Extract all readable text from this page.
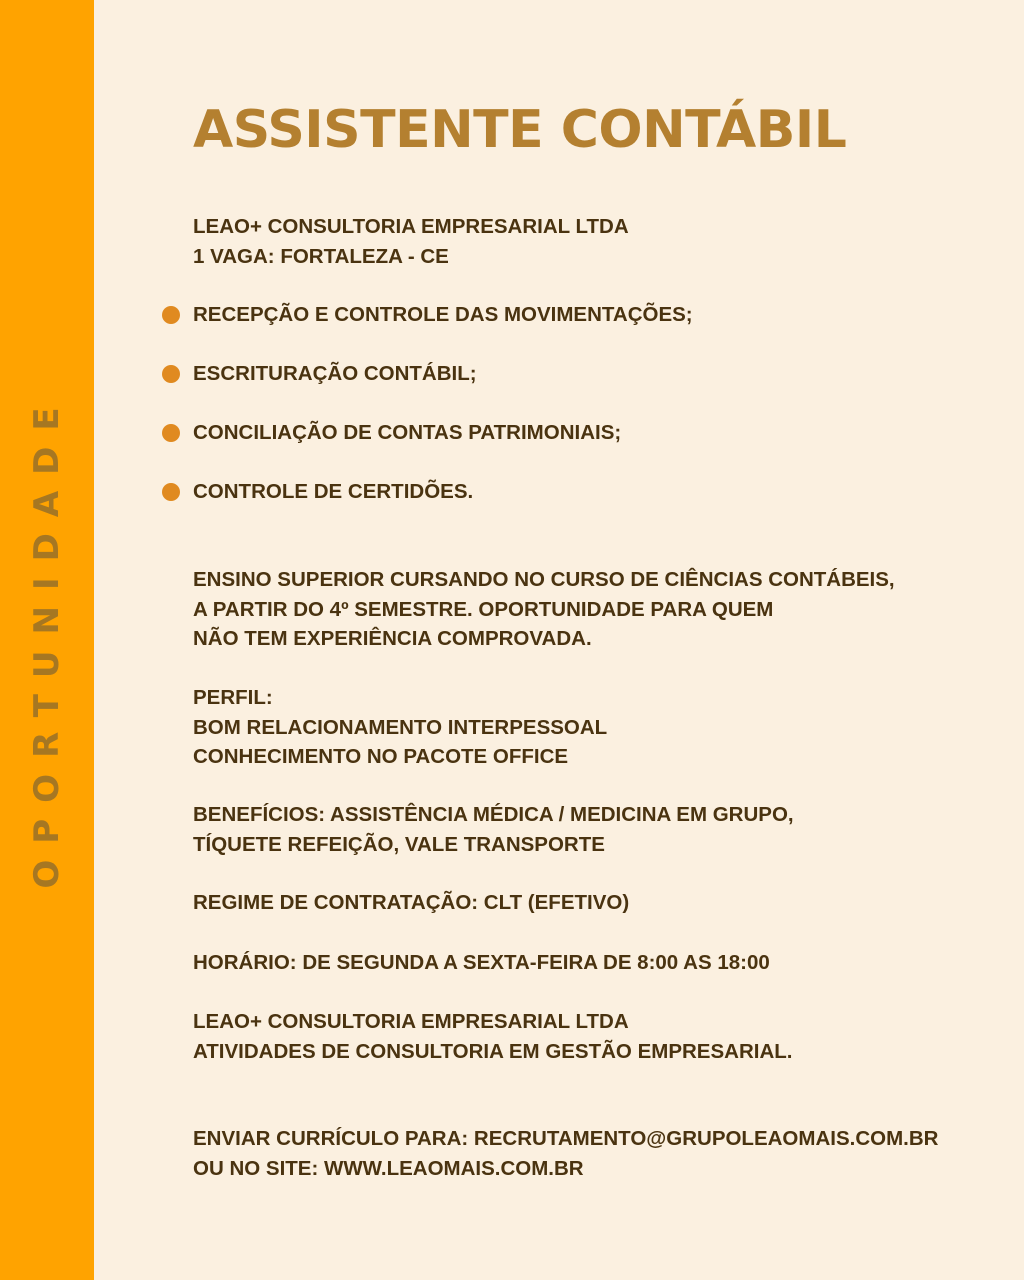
OPORTUNIDADE
ASSISTENTE CONTÁBIL
LEAO+ CONSULTORIA EMPRESARIAL LTDA
1 VAGA: FORTALEZA - CE
RECEPÇÃO E CONTROLE DAS MOVIMENTAÇÕES;
ESCRITURAÇÃO CONTÁBIL;
CONCILIAÇÃO DE CONTAS PATRIMONIAIS;
CONTROLE DE CERTIDÕES.
ENSINO SUPERIOR CURSANDO NO CURSO DE CIÊNCIAS CONTÁBEIS,
A PARTIR DO 4º SEMESTRE. OPORTUNIDADE PARA QUEM
NÃO TEM EXPERIÊNCIA COMPROVADA.
PERFIL:
BOM RELACIONAMENTO INTERPESSOAL
CONHECIMENTO NO PACOTE OFFICE
BENEFÍCIOS: ASSISTÊNCIA MÉDICA / MEDICINA EM GRUPO,
TÍQUETE REFEIÇÃO, VALE TRANSPORTE
REGIME DE CONTRATAÇÃO: CLT (EFETIVO)
HORÁRIO: DE SEGUNDA A SEXTA-FEIRA DE 8:00 AS 18:00
LEAO+ CONSULTORIA EMPRESARIAL LTDA
ATIVIDADES DE CONSULTORIA EM GESTÃO EMPRESARIAL.
ENVIAR CURRÍCULO PARA: RECRUTAMENTO@GRUPOLEAOMAIS.COM.BR
OU NO SITE: WWW.LEAOMAIS.COM.BR
